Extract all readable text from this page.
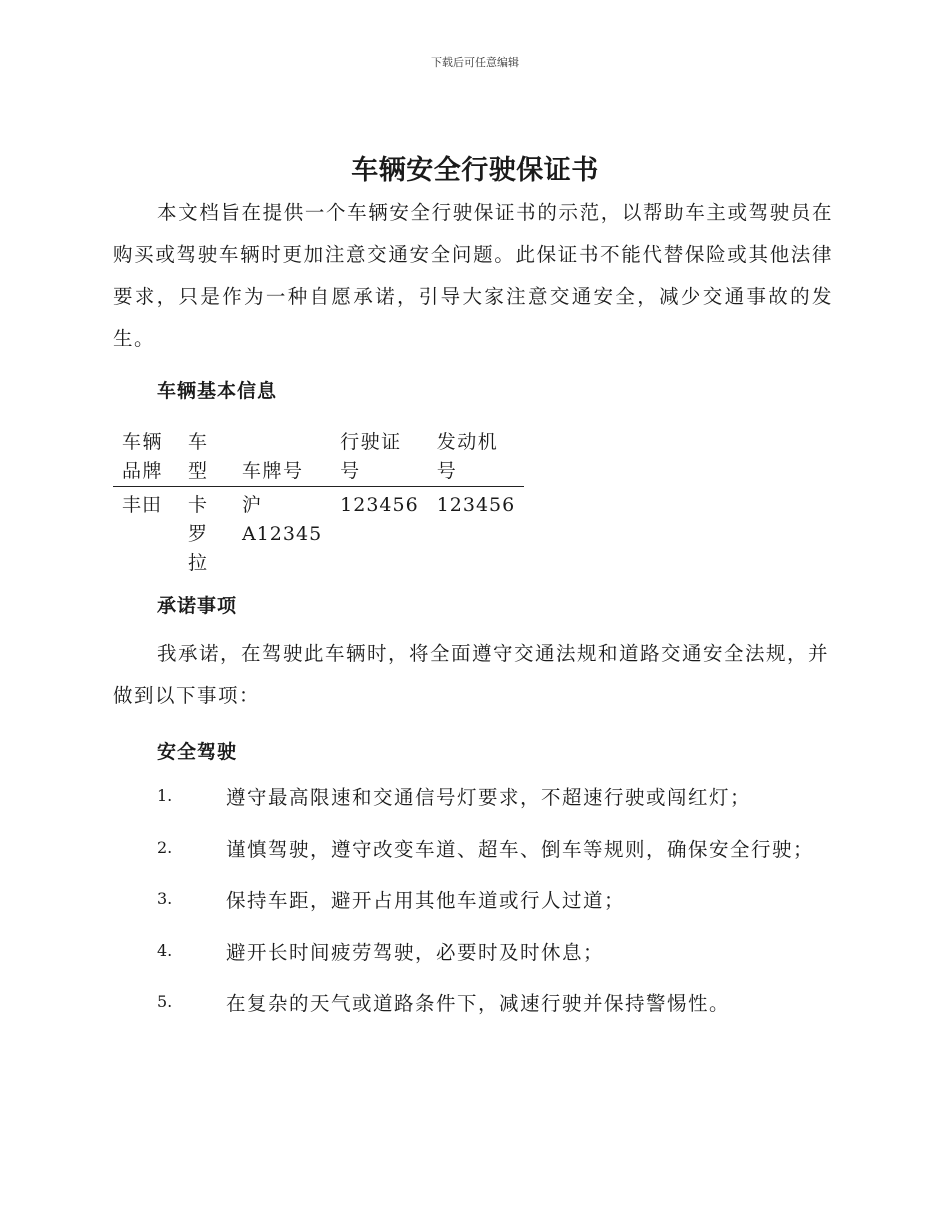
下载后可任意编辑
车辆安全行驶保证书

本文档旨在提供一个车辆安全行驶保证书的示范，以帮助车主或驾驶员在购买或驾驶车辆时更加注意交通安全问题。此保证书不能代替保险或其他法律要求，只是作为一种自愿承诺，引导大家注意交通安全，减少交通事故的发生。

车辆基本信息
车辆品牌	车型	车牌号	行驶证号	发动机号
丰田	卡罗拉	沪A12345	123456	123456
承诺事项

我承诺，在驾驶此车辆时，将全面遵守交通法规和道路交通安全法规，并做到以下事项：

安全驾驶
1.	遵守最高限速和交通信号灯要求，不超速行驶或闯红灯；
2.	谨慎驾驶，遵守改变车道、超车、倒车等规则，确保安全行驶；
3.	保持车距，避开占用其他车道或行人过道；
4.	避开长时间疲劳驾驶，必要时及时休息；
5.	在复杂的天气或道路条件下，减速行驶并保持警惕性。
